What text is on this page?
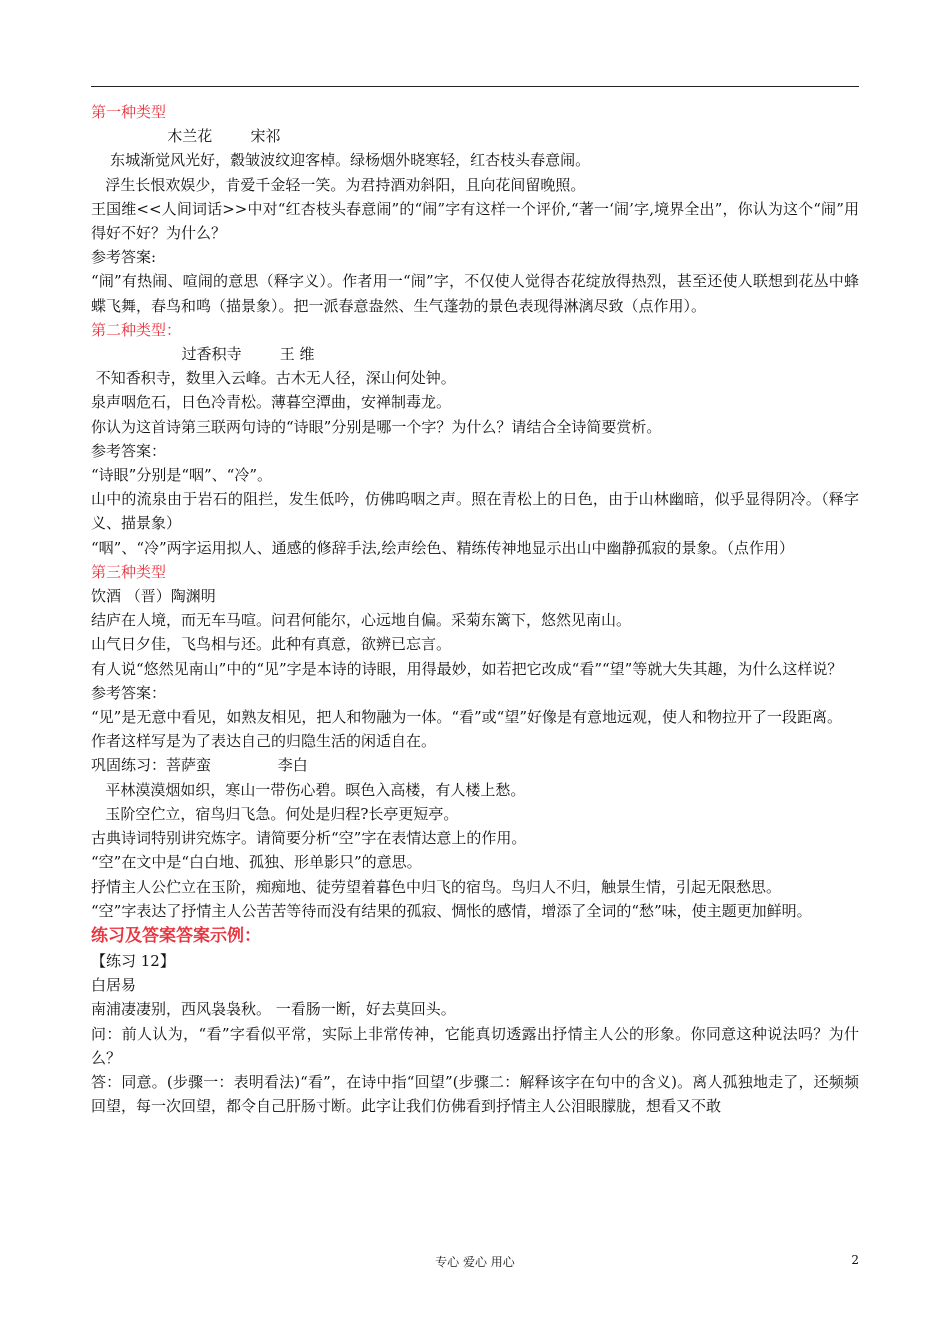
第一种类型

木兰花        宋祁

东城渐觉风光好，縠皱波纹迎客棹。绿杨烟外晓寒轻，红杏枝头春意闹。

浮生长恨欢娱少，肯爱千金轻一笑。为君持酒劝斜阳，且向花间留晚照。

王国维<<人间词话>>中对“红杏枝头春意闹”的“闹”字有这样一个评价,“著一‘闹’字,境界全出”，你认为这个“闹”用得好不好？为什么？

参考答案:

“闹”有热闹、喧闹的意思（释字义）。作者用一“闹”字，不仅使人觉得杏花绽放得热烈，甚至还使人联想到花丛中蜂蝶飞舞，春鸟和鸣（描景象）。把一派春意盎然、生气蓬勃的景色表现得淋漓尽致（点作用）。

第二种类型：

过香积寺        王 维

不知香积寺，数里入云峰。古木无人径，深山何处钟。

泉声咽危石，日色冷青松。薄暮空潭曲，安禅制毒龙。

你认为这首诗第三联两句诗的“诗眼”分别是哪一个字？为什么？请结合全诗简要赏析。

参考答案：

“诗眼”分别是“咽”、“冷”。

山中的流泉由于岩石的阻拦，发生低吟，仿佛呜咽之声。照在青松上的日色，由于山林幽暗，似乎显得阴冷。（释字义、描景象）

“咽”、“冷”两字运用拟人、通感的修辞手法,绘声绘色、精练传神地显示出山中幽静孤寂的景象。（点作用）

第三种类型

饮酒 （晋）陶渊明

结庐在人境，而无车马喧。问君何能尔，心远地自偏。采菊东篱下，悠然见南山。

山气日夕佳，飞鸟相与还。此种有真意，欲辨已忘言。

有人说“悠然见南山”中的“见”字是本诗的诗眼，用得最妙，如若把它改成“看”“望”等就大失其趣，为什么这样说？

参考答案：

“见”是无意中看见，如熟友相见，把人和物融为一体。“看”或“望”好像是有意地远观，使人和物拉开了一段距离。

作者这样写是为了表达自己的归隐生活的闲适自在。

巩固练习：菩萨蛮              李白

平林漠漠烟如织，寒山一带伤心碧。暝色入高楼，有人楼上愁。

玉阶空伫立，宿鸟归飞急。何处是归程?长亭更短亭。

古典诗词特别讲究炼字。请简要分析“空”字在表情达意上的作用。

“空”在文中是“白白地、孤独、形单影只”的意思。

抒情主人公伫立在玉阶，痴痴地、徒劳望着暮色中归飞的宿鸟。鸟归人不归，触景生情，引起无限愁思。

“空”字表达了抒情主人公苦苦等待而没有结果的孤寂、惆怅的感情，增添了全词的“愁”味，使主题更加鲜明。

练习及答案答案示例：

【练习 12】

白居易

南浦凄凄别，西风袅袅秋。 一看肠一断，好去莫回头。

问：前人认为，“看”字看似平常，实际上非常传神，它能真切透露出抒情主人公的形象。你同意这种说法吗？为什么？

答：同意。(步骤一：表明看法)“看”，在诗中指“回望”(步骤二：解释该字在句中的含义)。离人孤独地走了，还频频回望，每一次回望，都令自己肝肠寸断。此字让我们仿佛看到抒情主人公泪眼朦胧，想看又不敢

专心 爱心 用心	2
